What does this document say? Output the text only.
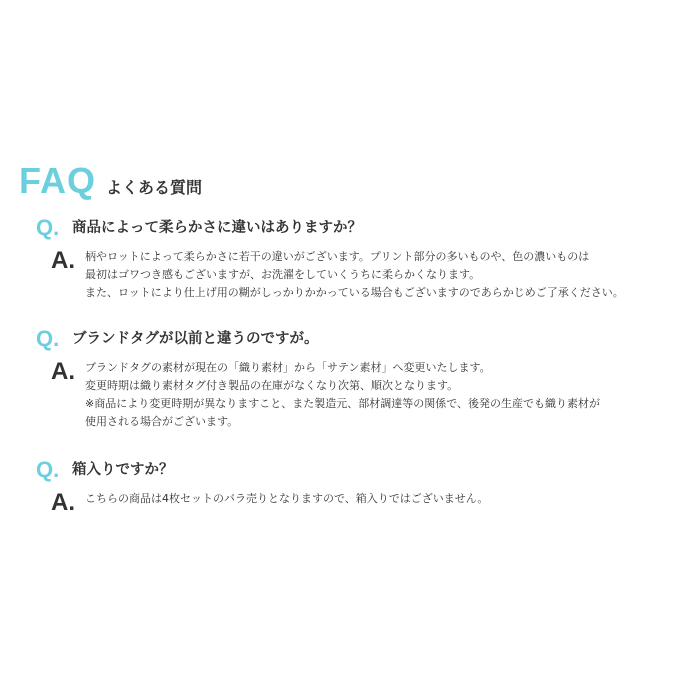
FAQ よくある質問
Q. 商品によって柔らかさに違いはありますか？
A. 柄やロットによって柔らかさに若干の違いがございます。プリント部分の多いものや、色の濃いものは
最初はゴワつき感もございますが、お洗濯をしていくうちに柔らかくなります。
また、ロットにより仕上げ用の糊がしっかりかかっている場合もございますのであらかじめご了承ください。
Q. ブランドタグが以前と違うのですが。
A. ブランドタグの素材が現在の「織り素材」から「サテン素材」へ変更いたします。
変更時期は織り素材タグ付き製品の在庫がなくなり次第、順次となります。
※商品により変更時期が異なりますこと、また製造元、部材調達等の関係で、後発の生産でも織り素材が
使用される場合がございます。
Q. 箱入りですか？
A. こちらの商品は4枚セットのバラ売りとなりますので、箱入りではございません。
